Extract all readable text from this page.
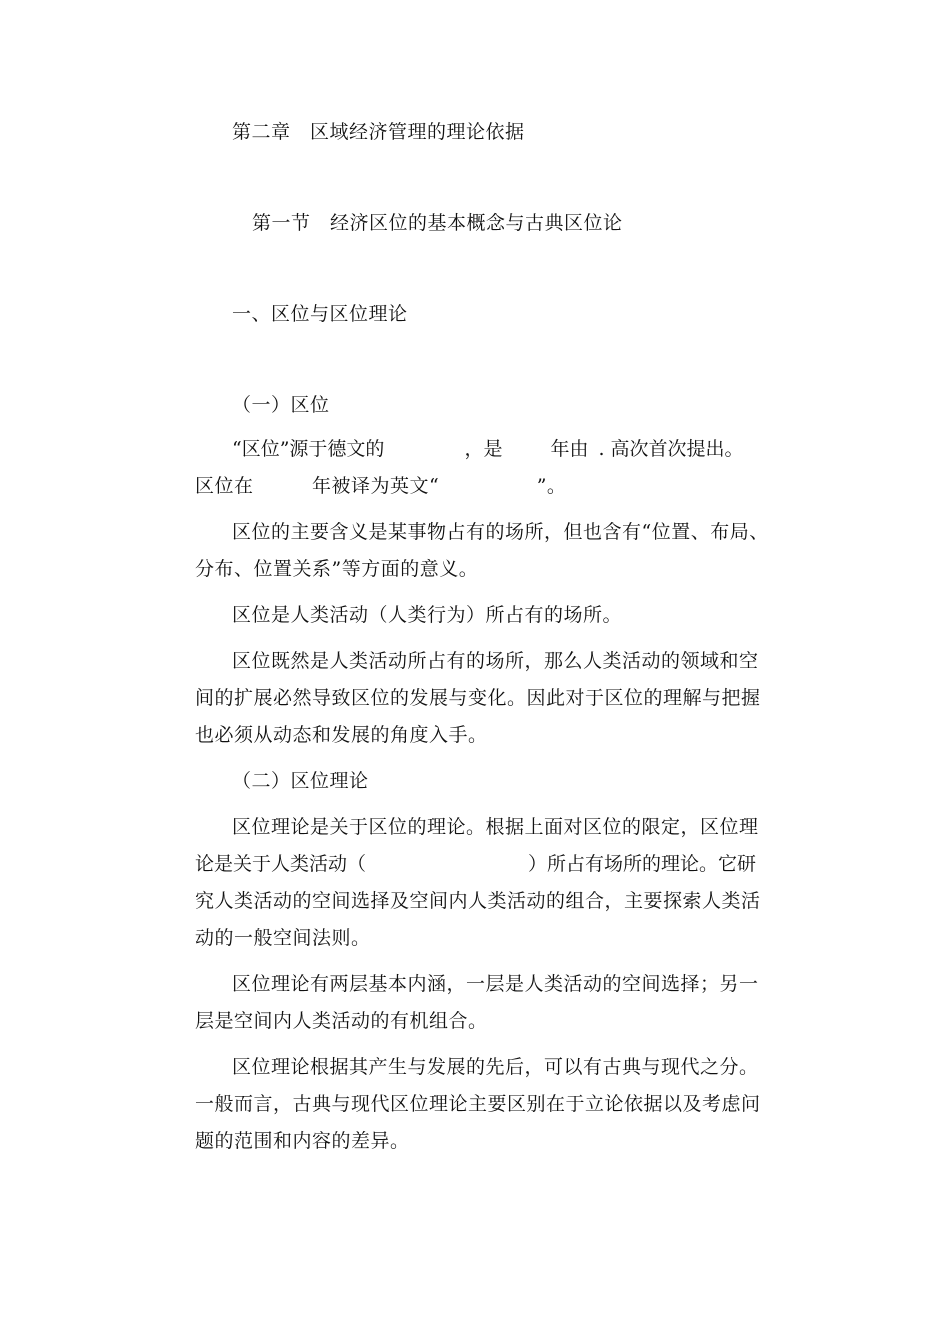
第二章　区域经济管理的理论依据
第一节　经济区位的基本概念与古典区位论
一、区位与区位理论
（一）区位
“区位”源于德文的	，是	年由 . 高次首次提出。
区位在　　　年被译为英文“　　　　　”。
区位的主要含义是某事物占有的场所，但也含有“位置、布局、
分布、位置关系”等方面的意义。
区位是人类活动（人类行为）所占有的场所。
区位既然是人类活动所占有的场所，那么人类活动的领域和空
间的扩展必然导致区位的发展与变化。因此对于区位的理解与把握
也必须从动态和发展的角度入手。
（二）区位理论
区位理论是关于区位的理论。根据上面对区位的限定，区位理
论是关于人类活动（	）所占有场所的理论。它研
究人类活动的空间选择及空间内人类活动的组合，主要探索人类活
动的一般空间法则。
区位理论有两层基本内涵，一层是人类活动的空间选择；另一
层是空间内人类活动的有机组合。
区位理论根据其产生与发展的先后，可以有古典与现代之分。
一般而言，古典与现代区位理论主要区别在于立论依据以及考虑问
题的范围和内容的差异。
